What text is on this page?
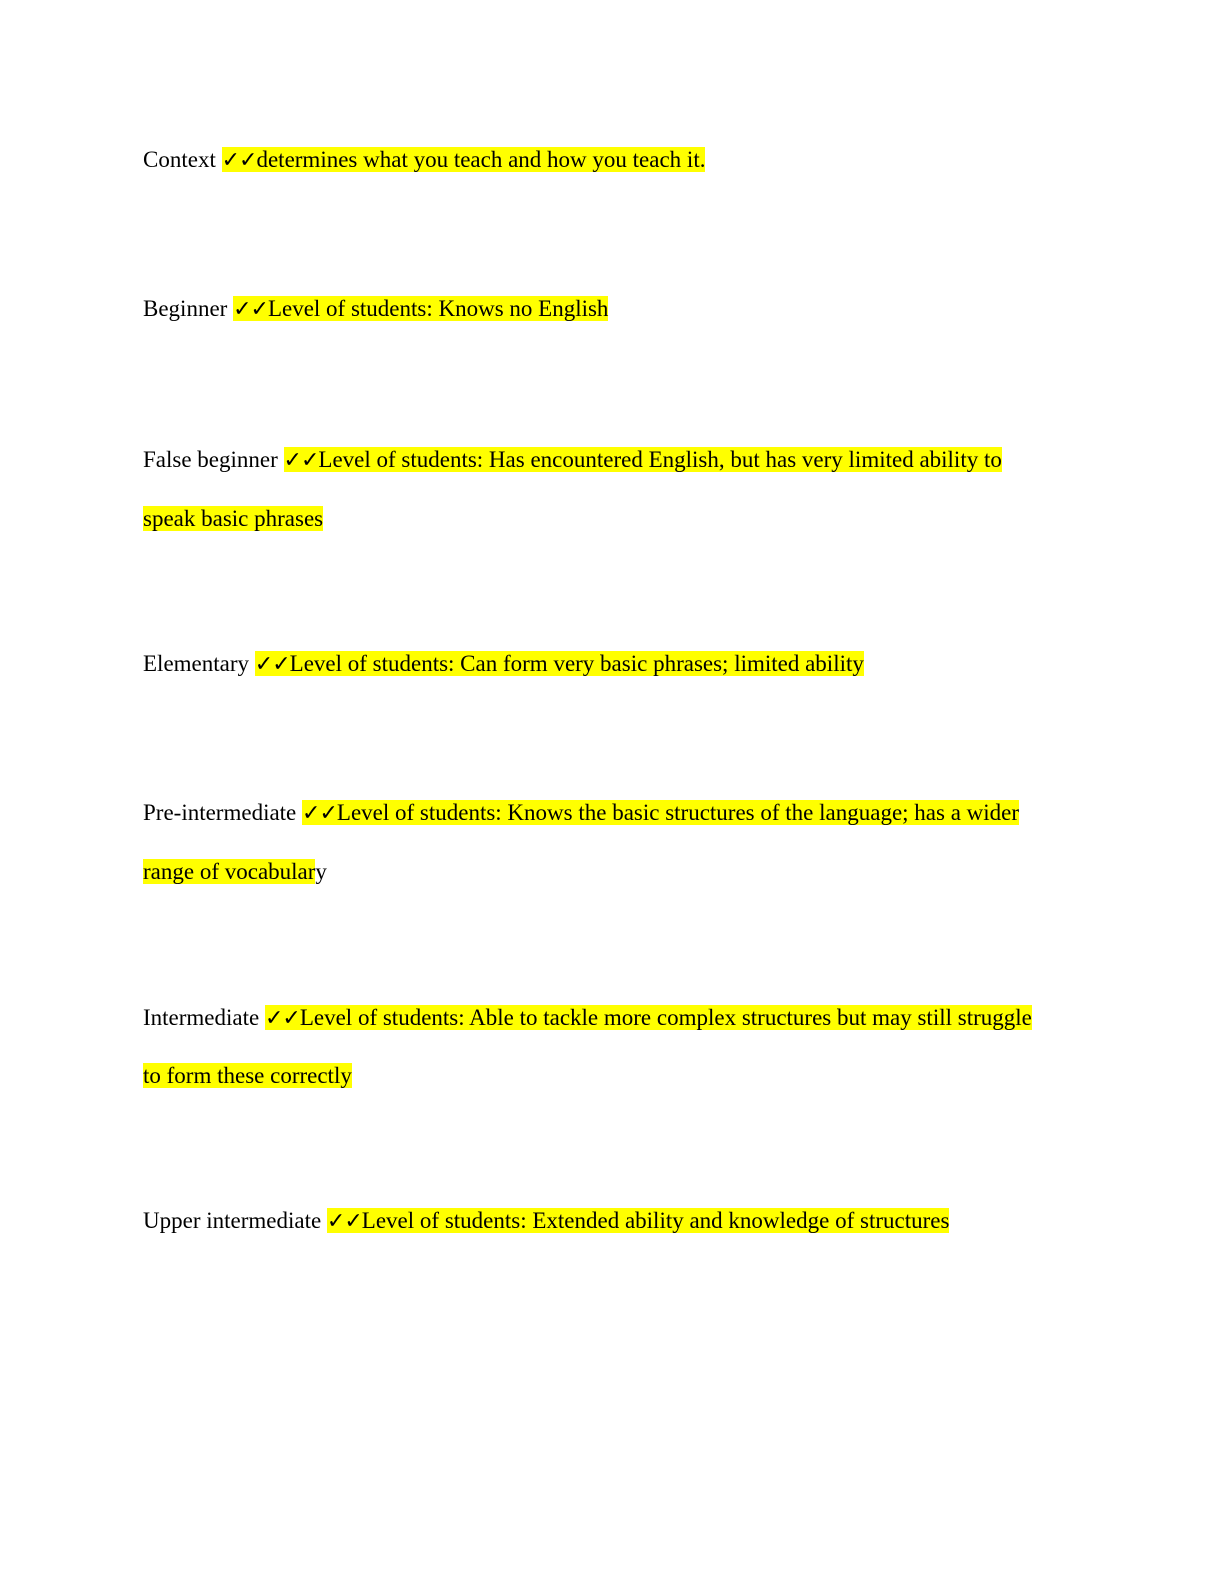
Context ✓✓determines what you teach and how you teach it.
Beginner ✓✓Level of students: Knows no English
False beginner ✓✓Level of students: Has encountered English, but has very limited ability to
speak basic phrases
Elementary ✓✓Level of students: Can form very basic phrases; limited ability
Pre-intermediate ✓✓Level of students: Knows the basic structures of the language; has a wider
range of vocabulary
Intermediate ✓✓Level of students: Able to tackle more complex structures but may still struggle
to form these correctly
Upper intermediate ✓✓Level of students: Extended ability and knowledge of structures
